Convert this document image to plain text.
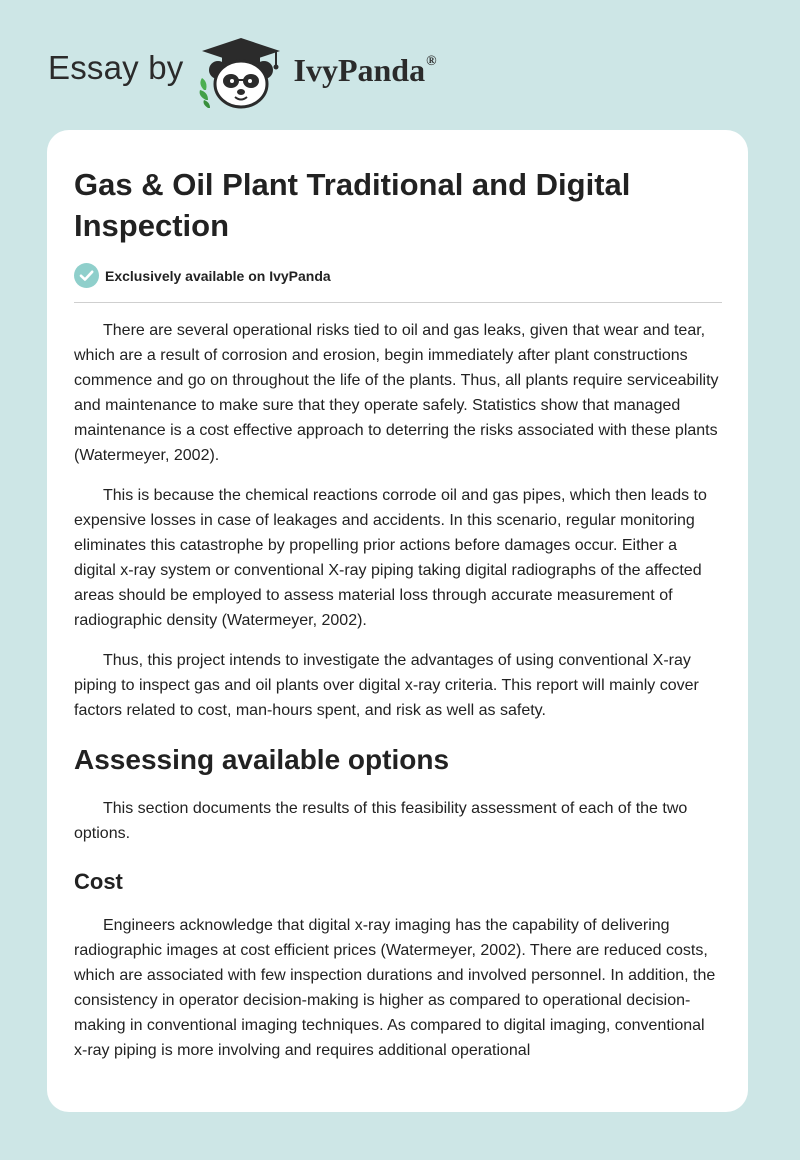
Essay by	IvyPanda®
Gas & Oil Plant Traditional and Digital Inspection
Exclusively available on IvyPanda

There are several operational risks tied to oil and gas leaks, given that wear and tear, which are a result of corrosion and erosion, begin immediately after plant constructions commence and go on throughout the life of the plants. Thus, all plants require serviceability and maintenance to make sure that they operate safely. Statistics show that managed maintenance is a cost effective approach to deterring the risks associated with these plants (Watermeyer, 2002).

This is because the chemical reactions corrode oil and gas pipes, which then leads to expensive losses in case of leakages and accidents. In this scenario, regular monitoring eliminates this catastrophe by propelling prior actions before damages occur. Either a digital x-ray system or conventional X-ray piping taking digital radiographs of the affected areas should be employed to assess material loss through accurate measurement of radiographic density (Watermeyer, 2002).

Thus, this project intends to investigate the advantages of using conventional X-ray piping to inspect gas and oil plants over digital x-ray criteria. This report will mainly cover factors related to cost, man-hours spent, and risk as well as safety.

Assessing available options

This section documents the results of this feasibility assessment of each of the two options.

Cost

Engineers acknowledge that digital x-ray imaging has the capability of delivering radiographic images at cost efficient prices (Watermeyer, 2002). There are reduced costs, which are associated with few inspection durations and involved personnel. In addition, the consistency in operator decision-making is higher as compared to operational decision-making in conventional imaging techniques. As compared to digital imaging, conventional x-ray piping is more involving and requires additional operational
